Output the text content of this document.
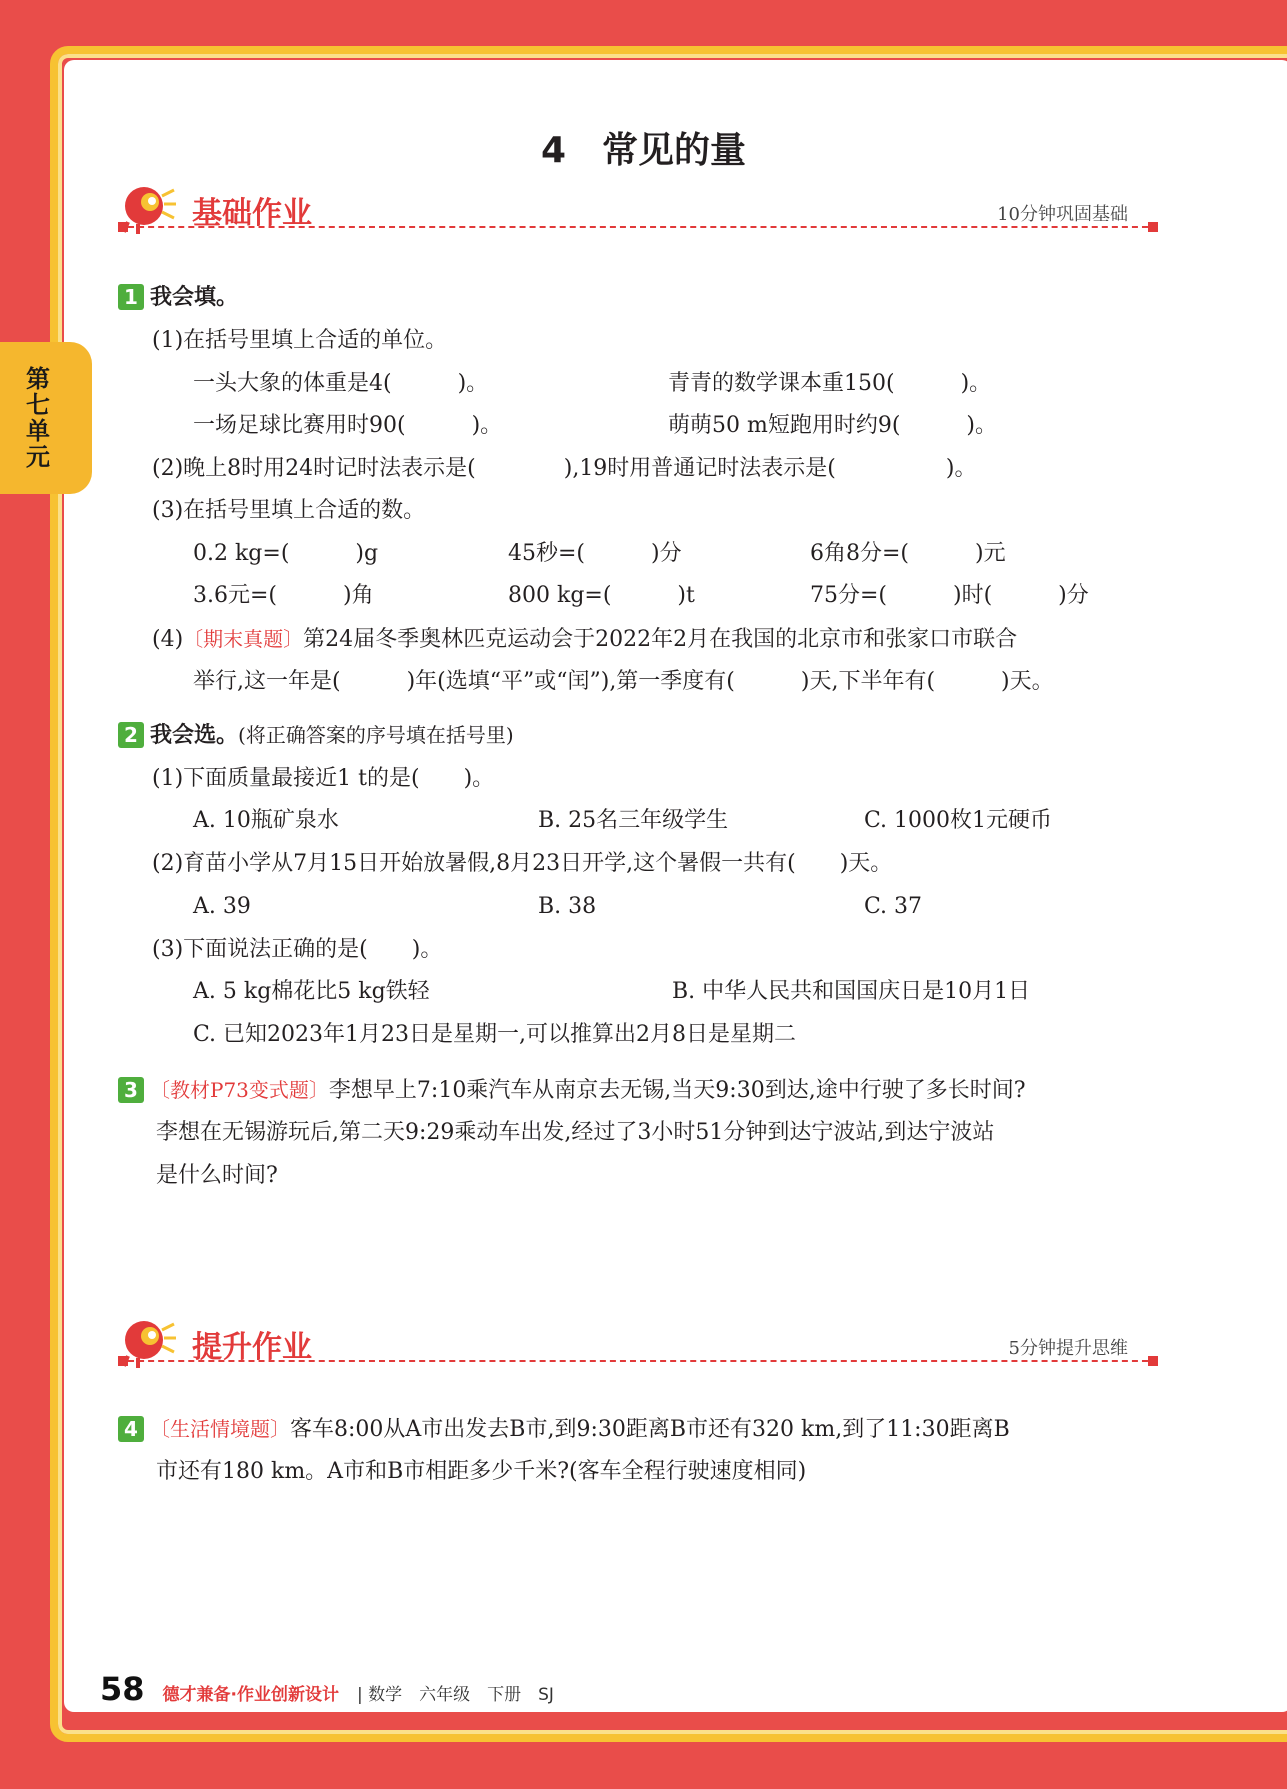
第七单元
4　常见的量
基础作业	10分钟巩固基础
1 我会填。
(1)在括号里填上合适的单位。
一头大象的体重是4(　　　)。	青青的数学课本重150(　　　)。
一场足球比赛用时90(　　　)。	萌萌50 m短跑用时约9(　　　)。
(2)晚上8时用24时记时法表示是(　　　　),19时用普通记时法表示是(　　　　　)。
(3)在括号里填上合适的数。
0.2 kg=(　　　)g	45秒=(　　　)分	6角8分=(　　　)元
3.6元=(　　　)角	800 kg=(　　　)t	75分=(　　　)时(　　　)分
(4)〔期末真题〕第24届冬季奥林匹克运动会于2022年2月在我国的北京市和张家口市联合
举行,这一年是(　　　)年(选填“平”或“闰”),第一季度有(　　　)天,下半年有(　　　)天。
2 我会选。(将正确答案的序号填在括号里)
(1)下面质量最接近1 t的是(　　)。
A. 10瓶矿泉水	B. 25名三年级学生	C. 1000枚1元硬币
(2)育苗小学从7月15日开始放暑假,8月23日开学,这个暑假一共有(　　)天。
A. 39	B. 38	C. 37
(3)下面说法正确的是(　　)。
A. 5 kg棉花比5 kg铁轻	B. 中华人民共和国国庆日是10月1日
C. 已知2023年1月23日是星期一,可以推算出2月8日是星期二
3 〔教材P73变式题〕李想早上7:10乘汽车从南京去无锡,当天9:30到达,途中行驶了多长时间?
李想在无锡游玩后,第二天9:29乘动车出发,经过了3小时51分钟到达宁波站,到达宁波站
是什么时间?
提升作业	5分钟提升思维
4 〔生活情境题〕客车8:00从A市出发去B市,到9:30距离B市还有320 km,到了11:30距离B
市还有180 km。A市和B市相距多少千米?(客车全程行驶速度相同)
58 德才兼备·作业创新设计 | 数学　六年级　下册　SJ
